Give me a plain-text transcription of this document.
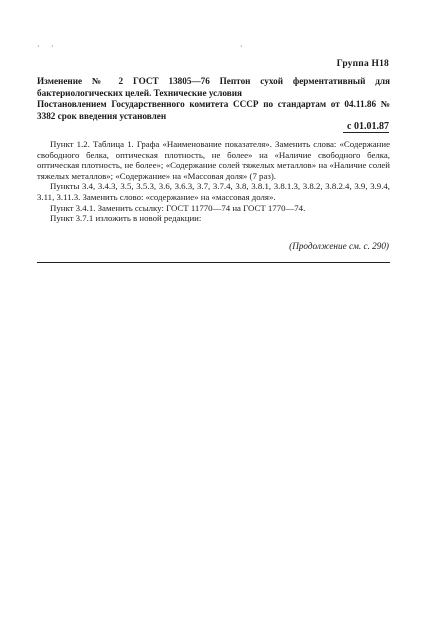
· ·	·
Группа Н18
Изменение № 2 ГОСТ 13805—76 Пептон сухой ферментативный для бактериологических целей. Технические условия
Постановлением Государственного комитета СССР по стандартам от 04.11.86 № 3382 срок введения установлен
с 01.01.87

Пункт 1.2. Таблица 1. Графа «Наименование показателя». Заменить слова: «Содержание свободного белка, оптическая плотность, не более» на «Наличие свободного белка, оптическая плотность, не более»; «Содержание солей тяжелых металлов» на «Наличие солей тяжелых металлов»; «Содержание» на «Массовая доля» (7 раз).

Пункты 3.4, 3.4.3, 3.5, 3.5.3, 3.6, 3.6.3, 3.7, 3.7.4, 3.8, 3.8.1, 3.8.1.3, 3.8.2, 3.8.2.4, 3.9, 3.9.4, 3.11, 3.11.3. Заменить слово: «содержание» на «массовая доля».

Пункт 3.4.1. Заменить ссылку: ГОСТ 11770—74 на ГОСТ 1770—74.

Пункт 3.7.1 изложить в новой редакции:

(Продолжение см. с. 290)
